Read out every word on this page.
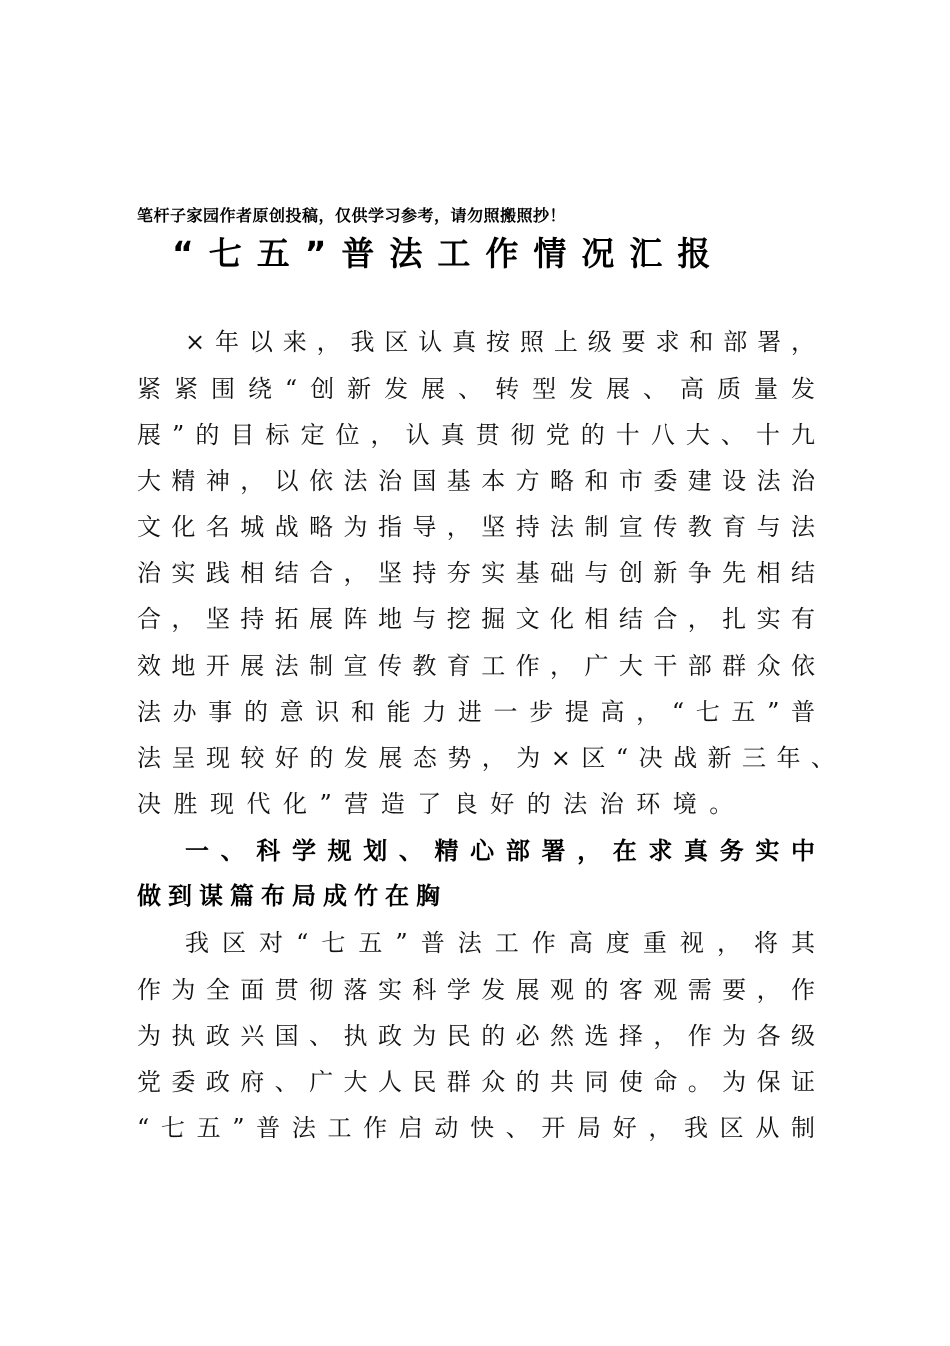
笔杆子家园作者原创投稿，仅供学习参考，请勿照搬照抄！
“七五”普法工作情况汇报
×年以来，我区认真按照上级要求和部署，
紧紧围绕“创新发展、转型发展、高质量发
展”的目标定位，认真贯彻党的十八大、十九
大精神，以依法治国基本方略和市委建设法治
文化名城战略为指导，坚持法制宣传教育与法
治实践相结合，坚持夯实基础与创新争先相结
合，坚持拓展阵地与挖掘文化相结合，扎实有
效地开展法制宣传教育工作，广大干部群众依
法办事的意识和能力进一步提高，“七五”普
法呈现较好的发展态势，为×区“决战新三年、
决胜现代化”营造了良好的法治环境。
一、科学规划、精心部署，在求真务实中
做到谋篇布局成竹在胸
我区对“七五”普法工作高度重视，将其
作为全面贯彻落实科学发展观的客观需要，作
为执政兴国、执政为民的必然选择，作为各级
党委政府、广大人民群众的共同使命。为保证
“七五”普法工作启动快、开局好，我区从制
